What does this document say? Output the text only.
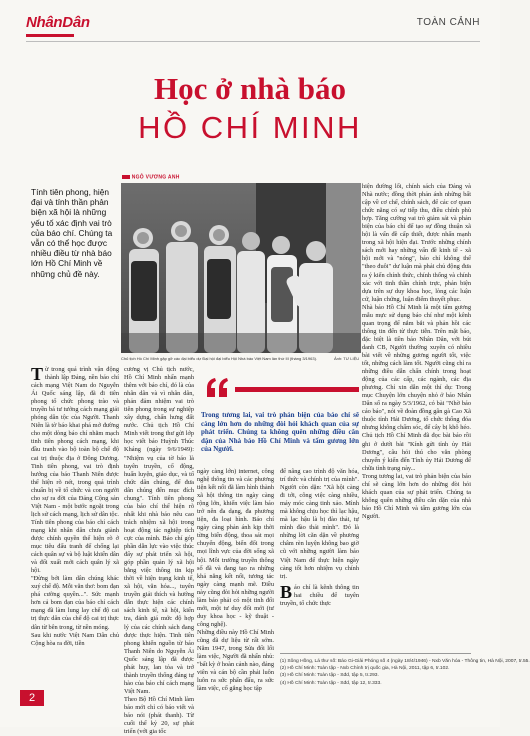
NhânDân	TOÀN CẢNH
Học ở nhà báo
HỒ CHÍ MINH
NGÔ VƯƠNG ANH
Tính tiên phong, hiện đại và tính thần phản biện xã hội là những yếu tố xác định vai trò của báo chí. Chúng ta vẫn có thể học được nhiều điều từ nhà báo lớn Hồ Chí Minh về những chủ đề này.
Chủ tịch Hồ Chí Minh gặp gỡ các đại biểu dự Đại hội đại biểu Hội Nhà báo Việt Nam lần thứ III (tháng 3/1963).	Ảnh: TƯ LIỆU

Từ trong quá trình vận động thành lập Đảng, nền báo chí cách mạng Việt Nam do Nguyễn Ái Quốc sáng lập, đã đi tiên phong tổ chức phong trào và truyền bá tư tưởng cách mạng giải phóng dân tộc của Người. Thanh Niên là tờ báo khai phá mở đường cho một dòng báo chí nhằm mạch tinh tiên phong cách mạng, khi đầu tranh vào bộ toàn bộ chế độ cai trị thuộc địa ở Đông Dương. Tinh tiên phong, vai trò định hướng của báo Thanh Niên được thể hiện rõ nét, trong quá trình chuẩn bị về tổ chức và con người cho sự ra đời của Đảng Cộng sản Việt Nam - một bước ngoặt trong lịch sử cách mạng, lịch sử dân tộc. Tính tiên phong của báo chí cách mạng khi nhân dân chưa giành được chính quyền thể hiện rõ ở mục tiêu đấu tranh để chống lại cách quân sự và bộ luật khiến dân và đổi xuất mới cách quân lý xã hội.

"Đừng bởi làm dân chúng khác xuý chế độ. Mỗi văn thơ: bom đạn phá cường quyền...". Sức mạnh hơn cả bom đạn của báo chí cách mạng đã làm lung lay chế độ cai trị thực dân của chế độ cai trị thực dân từ bên trong, từ nền móng.

Sau khi nước Việt Nam Dân chủ Cộng hòa ra đời, tiền

cương vị Chủ tịch nước, Hồ Chí Minh nhấn mạnh thêm với báo chí, đó là của nhân dân và vì nhân dân, phản đảm nhiệm vai trò tiên phong trong sự nghiệp xây dựng, chấn hưng đất nước. Chủ tịch Hồ Chí Minh viết trong thư gửi lớp học viết báo Huỳnh Thúc Kháng (ngày 9/6/1949): "Nhiệm vụ của tờ báo là tuyên truyền, cổ động, huấn luyện, giáo dục, và tổ chức dân chúng, để đưa dân chúng đến mục đích chung". Tính tiên phong của báo chí thể hiện rõ nhất khi nhà báo nêu cao trách nhiệm xã hội trong hoạt động tác nghiệp tích cực của mình. Báo chí góp phần dẫn lực vào việc thúc đẩy sự phát triển xã hội, góp phần quản lý xã hội bằng việc thông tin kịp thời về hiện trạng kinh tế, xã hội, văn hóa..., tuyên truyền giải thích và hướng dẫn thực hiện các chính sách kinh tế, xã hội, kiến tra, đánh giá mức độ hợp lý của các chính sách đang được thực hiện. Tinh tiên phong khiến nguồn từ báo Thanh Niên do Nguyễn Ái Quốc sáng lập đã được phát huy, lan tỏa và trở thành truyền thống đáng tự hào của báo chí cách mạng Việt Nam.

Theo Bộ Hồ Chí Minh làm báo mới chỉ có báo viết và báo nói (phát thanh). Từ cuối thế kỷ 20, sự phát triển (với gia tốc

Trong tương lai, vai trò phản biện của báo chí sẽ càng lớn hơn do những đòi hỏi khách quan của sự phát triển. Chúng ta không quên những điều căn dặn của Nhà báo Hồ Chí Minh và tấm gương lớn của Người.

ngày càng lớn) internet, công nghệ thông tin và các phương tiện kết nối đã làm hình thành xã hội thông tin ngày càng rộng lớn, khiến việc làm báo trở nên đa dạng, đa phương tiện, đa loại hình. Báo chí ngày càng phản ánh kịp thời từng biến động, thoa sát mọi chuyển động, biển đổi trong mọi lĩnh vực của đời sống xã hội. Môi trường truyền thông số đã và đang tạo ra những khả năng kết nối, tương tác ngày càng mạnh mẽ. Điều này cũng đòi hỏi những người làm báo phải có một tinh đổi mới, một tư duy đổi mới (tư duy khoa học - kỹ thuật - công nghệ).
Những điều này Hồ Chí Minh cũng đã dự liệu từ rất sớm. Năm 1947, trong Sửa đổi lối làm việc, Người đã nhấn nhủ: "bất kỳ ở hoàn cảnh nào, đảng viên và cán bộ cần phải luôn luôn ra sức phấn đấu, ra sức làm việc, cố gắng học tập

để nâng cao trình độ văn hóa, trí thức và chính trị của mình". Người còn dặn: "Xã hội càng đi tới, công việc càng nhiều, máy móc càng tinh xảo. Mình mà không chịu học thì lạc hậu, mà lạc hậu là bị đào thải, tự mình đào thải mình". Đó là những lời căn dặn về phương châm rèn luyện không bao giờ cũ với những người làm báo Việt Nam để thực hiện ngày càng tốt hơn nhiệm vụ chính trị.

Báo chí là kênh thông tin hai chiều để tuyên truyền, tổ chức thực

hiện đường lối, chính sách của Đảng và Nhà nước; đồng thời phản ánh những bất cập về cơ chế, chính sách, để các cơ quan chức năng có sự tiếp thu, điều chỉnh phù hợp. Tăng cường vai trò giám sát và phản biện của báo chí để tạo sự đồng thuận xã hội là vấn đề cấp thiết, được nhấn mạnh trong xã hội hiện đại. Trước những chính sách mới hay những vấn đề kinh tế - xã hội mới và "nóng", báo chí không thể "theo đuôi" dư luận mà phải chủ động đưa ra ý kiến chính thức, chính thống và chính xác với tinh thần chính trực, phản biện dựa trên sự duy khoa học, lòng các luận cứ, luận chứng, luận điểm thuyết phục.

Nhà báo Hồ Chí Minh là một tấm gương mẫu mực sử dụng báo chí như một kênh quan trọng để nắm bắt và phản hồi các thông tin đến từ thực tiễn. Trên mặt báo, đặc biệt là tiền báo Nhân Dân, với bút danh CB, Người thường xuyên có nhiều bài viết về những gương người tốt, việc tốt, những cách làm tốt. Người cũng chỉ ra những điều dẫn chấn chính trong hoạt động của các cấp, các ngành, các địa phương. Chỉ xin dẫn một thí dụ: Trong mục Chuyện lớn chuyện nhỏ ở báo Nhân Dân số ra ngày 5/3/1962, có bài "Nhờ báo cáo báo", nói về đoàn đồng gân gà Cao Xã thuộc tỉnh Hải Dương, tổ chức thống đóa nhưng không chấm sóc, để cây bị khô héo. Chủ tịch Hồ Chí Minh đã đọc bài báo rồi ghi ở dưới bài "Kính gửi tỉnh ủy Hải Dương", câu hỏi thú cho văn phòng chuyển ý kiến đến Tỉnh ủy Hải Dương để chữa tình trạng này...

Trong tương lai, vai trò phản biện của báo chí sẽ càng lớn hơn do những đòi hỏi khách quan của sự phát triển. Chúng ta không quên những điều căn dặn của nhà báo Hồ Chí Minh và tấm gương lớn của Người.

(1) Sông Hồng, Lá thư số: Báo Gi-Giải Phóng số 4 (ngày 18/4/1946) - Nxb Văn hóa - Thông tin, Hà Nội, 2007, tr.55.
(2) Hồ Chí Minh: Toàn tập - Nxb Chính trị quốc gia, Hà Nội, 2011, tập 6, tr.102.
(3) Hồ Chí Minh: Toàn tập - Sđd, tập 5, tr.293.
(4) Hồ Chí Minh: Toàn tập - Sđd, tập 12, tr.333.
2
